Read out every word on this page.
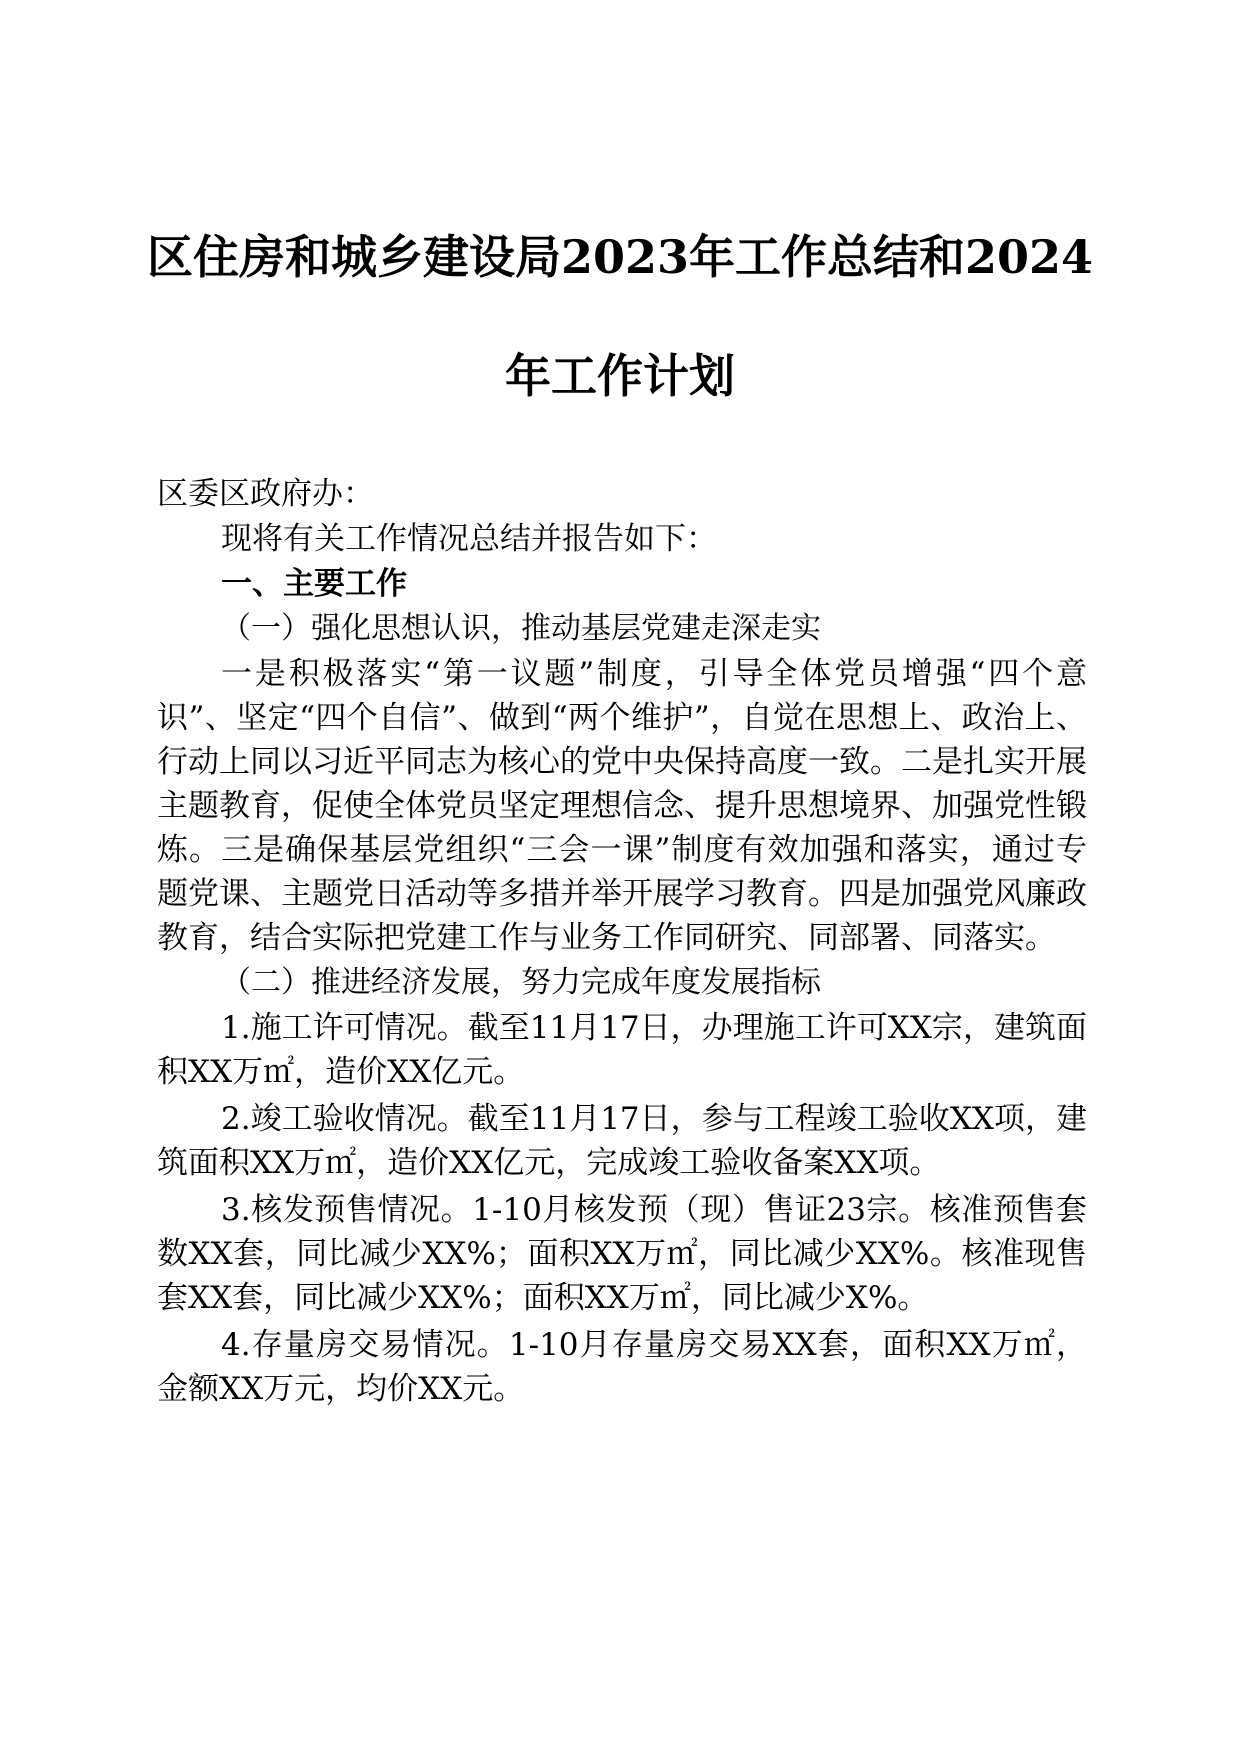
区住房和城乡建设局2023年工作总结和2024
年工作计划

区委区政府办：

现将有关工作情况总结并报告如下：

一、主要工作

（一）强化思想认识，推动基层党建走深走实

一是积极落实“第一议题”制度，引导全体党员增强“四个意识”、坚定“四个自信”、做到“两个维护”，自觉在思想上、政治上、行动上同以习近平同志为核心的党中央保持高度一致。二是扎实开展主题教育，促使全体党员坚定理想信念、提升思想境界、加强党性锻炼。三是确保基层党组织“三会一课”制度有效加强和落实，通过专题党课、主题党日活动等多措并举开展学习教育。四是加强党风廉政教育，结合实际把党建工作与业务工作同研究、同部署、同落实。

（二）推进经济发展，努力完成年度发展指标

1.施工许可情况。截至11月17日，办理施工许可XX宗，建筑面积XX万㎡，造价XX亿元。

2.竣工验收情况。截至11月17日，参与工程竣工验收XX项，建筑面积XX万㎡，造价XX亿元，完成竣工验收备案XX项。

3.核发预售情况。1-10月核发预（现）售证23宗。核准预售套数XX套，同比减少XX%；面积XX万㎡，同比减少XX%。核准现售套XX套，同比减少XX%；面积XX万㎡，同比减少X%。

4.存量房交易情况。1-10月存量房交易XX套，面积XX万㎡，金额XX万元，均价XX元。
